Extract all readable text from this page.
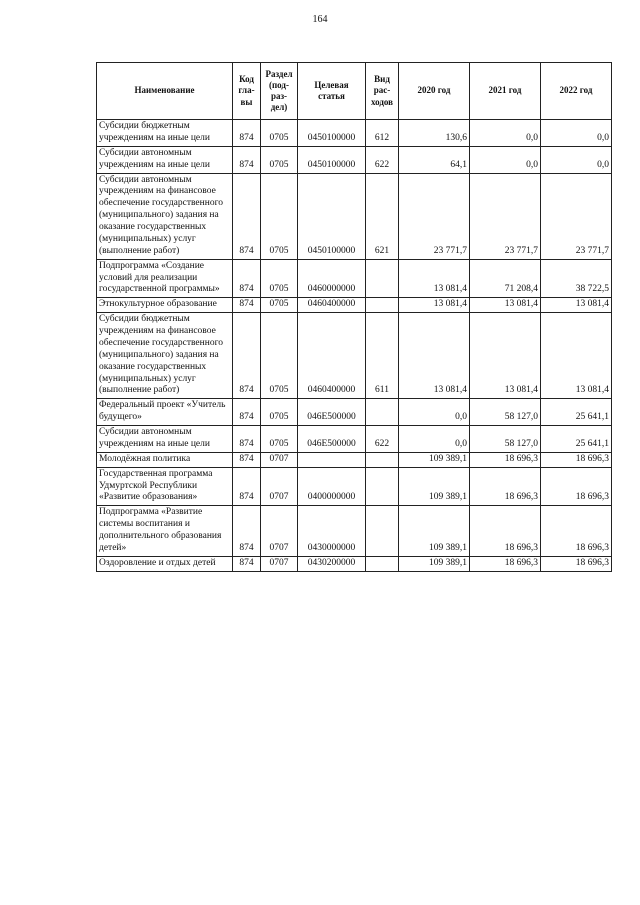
164
Наименование	Код гла-вы	Раздел (под-раз-дел)	Целевая статья	Вид рас-ходов	2020 год	2021 год	2022 год
Субсидии бюджетным учреждениям на иные цели	874	0705	0450100000	612	130,6	0,0	0,0
Субсидии автономным учреждениям на иные цели	874	0705	0450100000	622	64,1	0,0	0,0
Субсидии автономным учреждениям на финансовое обеспечение государственного (муниципального) задания на оказание государственных (муниципальных) услуг (выполнение работ)	874	0705	0450100000	621	23 771,7	23 771,7	23 771,7
Подпрограмма «Создание условий для реализации государственной программы»	874	0705	0460000000		13 081,4	71 208,4	38 722,5
Этнокультурное образование	874	0705	0460400000		13 081,4	13 081,4	13 081,4
Субсидии бюджетным учреждениям на финансовое обеспечение государственного (муниципального) задания на оказание государственных (муниципальных) услуг (выполнение работ)	874	0705	0460400000	611	13 081,4	13 081,4	13 081,4
Федеральный проект «Учитель будущего»	874	0705	046E500000		0,0	58 127,0	25 641,1
Субсидии автономным учреждениям на иные цели	874	0705	046E500000	622	0,0	58 127,0	25 641,1
Молодёжная политика	874	0707			109 389,1	18 696,3	18 696,3
Государственная программа Удмуртской Республики «Развитие образования»	874	0707	0400000000		109 389,1	18 696,3	18 696,3
Подпрограмма «Развитие системы воспитания и дополнительного образования детей»	874	0707	0430000000		109 389,1	18 696,3	18 696,3
Оздоровление и отдых детей	874	0707	0430200000		109 389,1	18 696,3	18 696,3
